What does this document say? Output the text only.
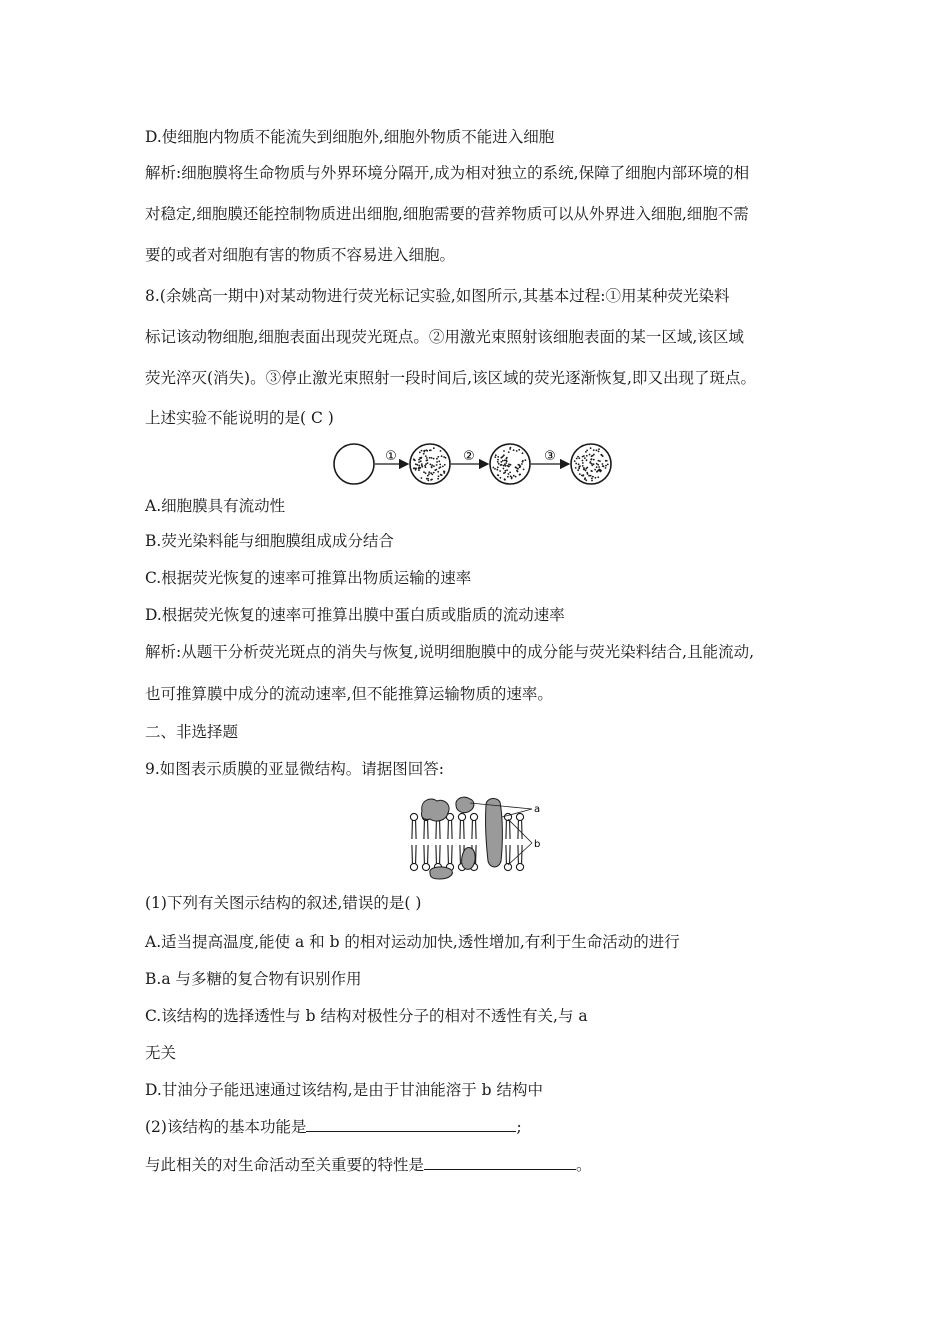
D.使细胞内物质不能流失到细胞外,细胞外物质不能进入细胞
解析:细胞膜将生命物质与外界环境分隔开,成为相对独立的系统,保障了细胞内部环境的相
对稳定,细胞膜还能控制物质进出细胞,细胞需要的营养物质可以从外界进入细胞,细胞不需
要的或者对细胞有害的物质不容易进入细胞。
8.(余姚高一期中)对某动物进行荧光标记实验,如图所示,其基本过程:①用某种荧光染料
标记该动物细胞,细胞表面出现荧光斑点。②用激光束照射该细胞表面的某一区域,该区域
荧光淬灭(消失)。③停止激光束照射一段时间后,该区域的荧光逐渐恢复,即又出现了斑点。
上述实验不能说明的是( C )
①	②	③
A.细胞膜具有流动性
B.荧光染料能与细胞膜组成成分结合
C.根据荧光恢复的速率可推算出物质运输的速率
D.根据荧光恢复的速率可推算出膜中蛋白质或脂质的流动速率
解析:从题干分析荧光斑点的消失与恢复,说明细胞膜中的成分能与荧光染料结合,且能流动,
也可推算膜中成分的流动速率,但不能推算运输物质的速率。
二、非选择题
9.如图表示质膜的亚显微结构。请据图回答:
a
b
(1)下列有关图示结构的叙述,错误的是( )
A.适当提高温度,能使 a 和 b 的相对运动加快,透性增加,有利于生命活动的进行
B.a 与多糖的复合物有识别作用
C.该结构的选择透性与 b 结构对极性分子的相对不透性有关,与 a
无关
D.甘油分子能迅速通过该结构,是由于甘油能溶于 b 结构中
(2)该结构的基本功能是	;
与此相关的对生命活动至关重要的特性是	。
